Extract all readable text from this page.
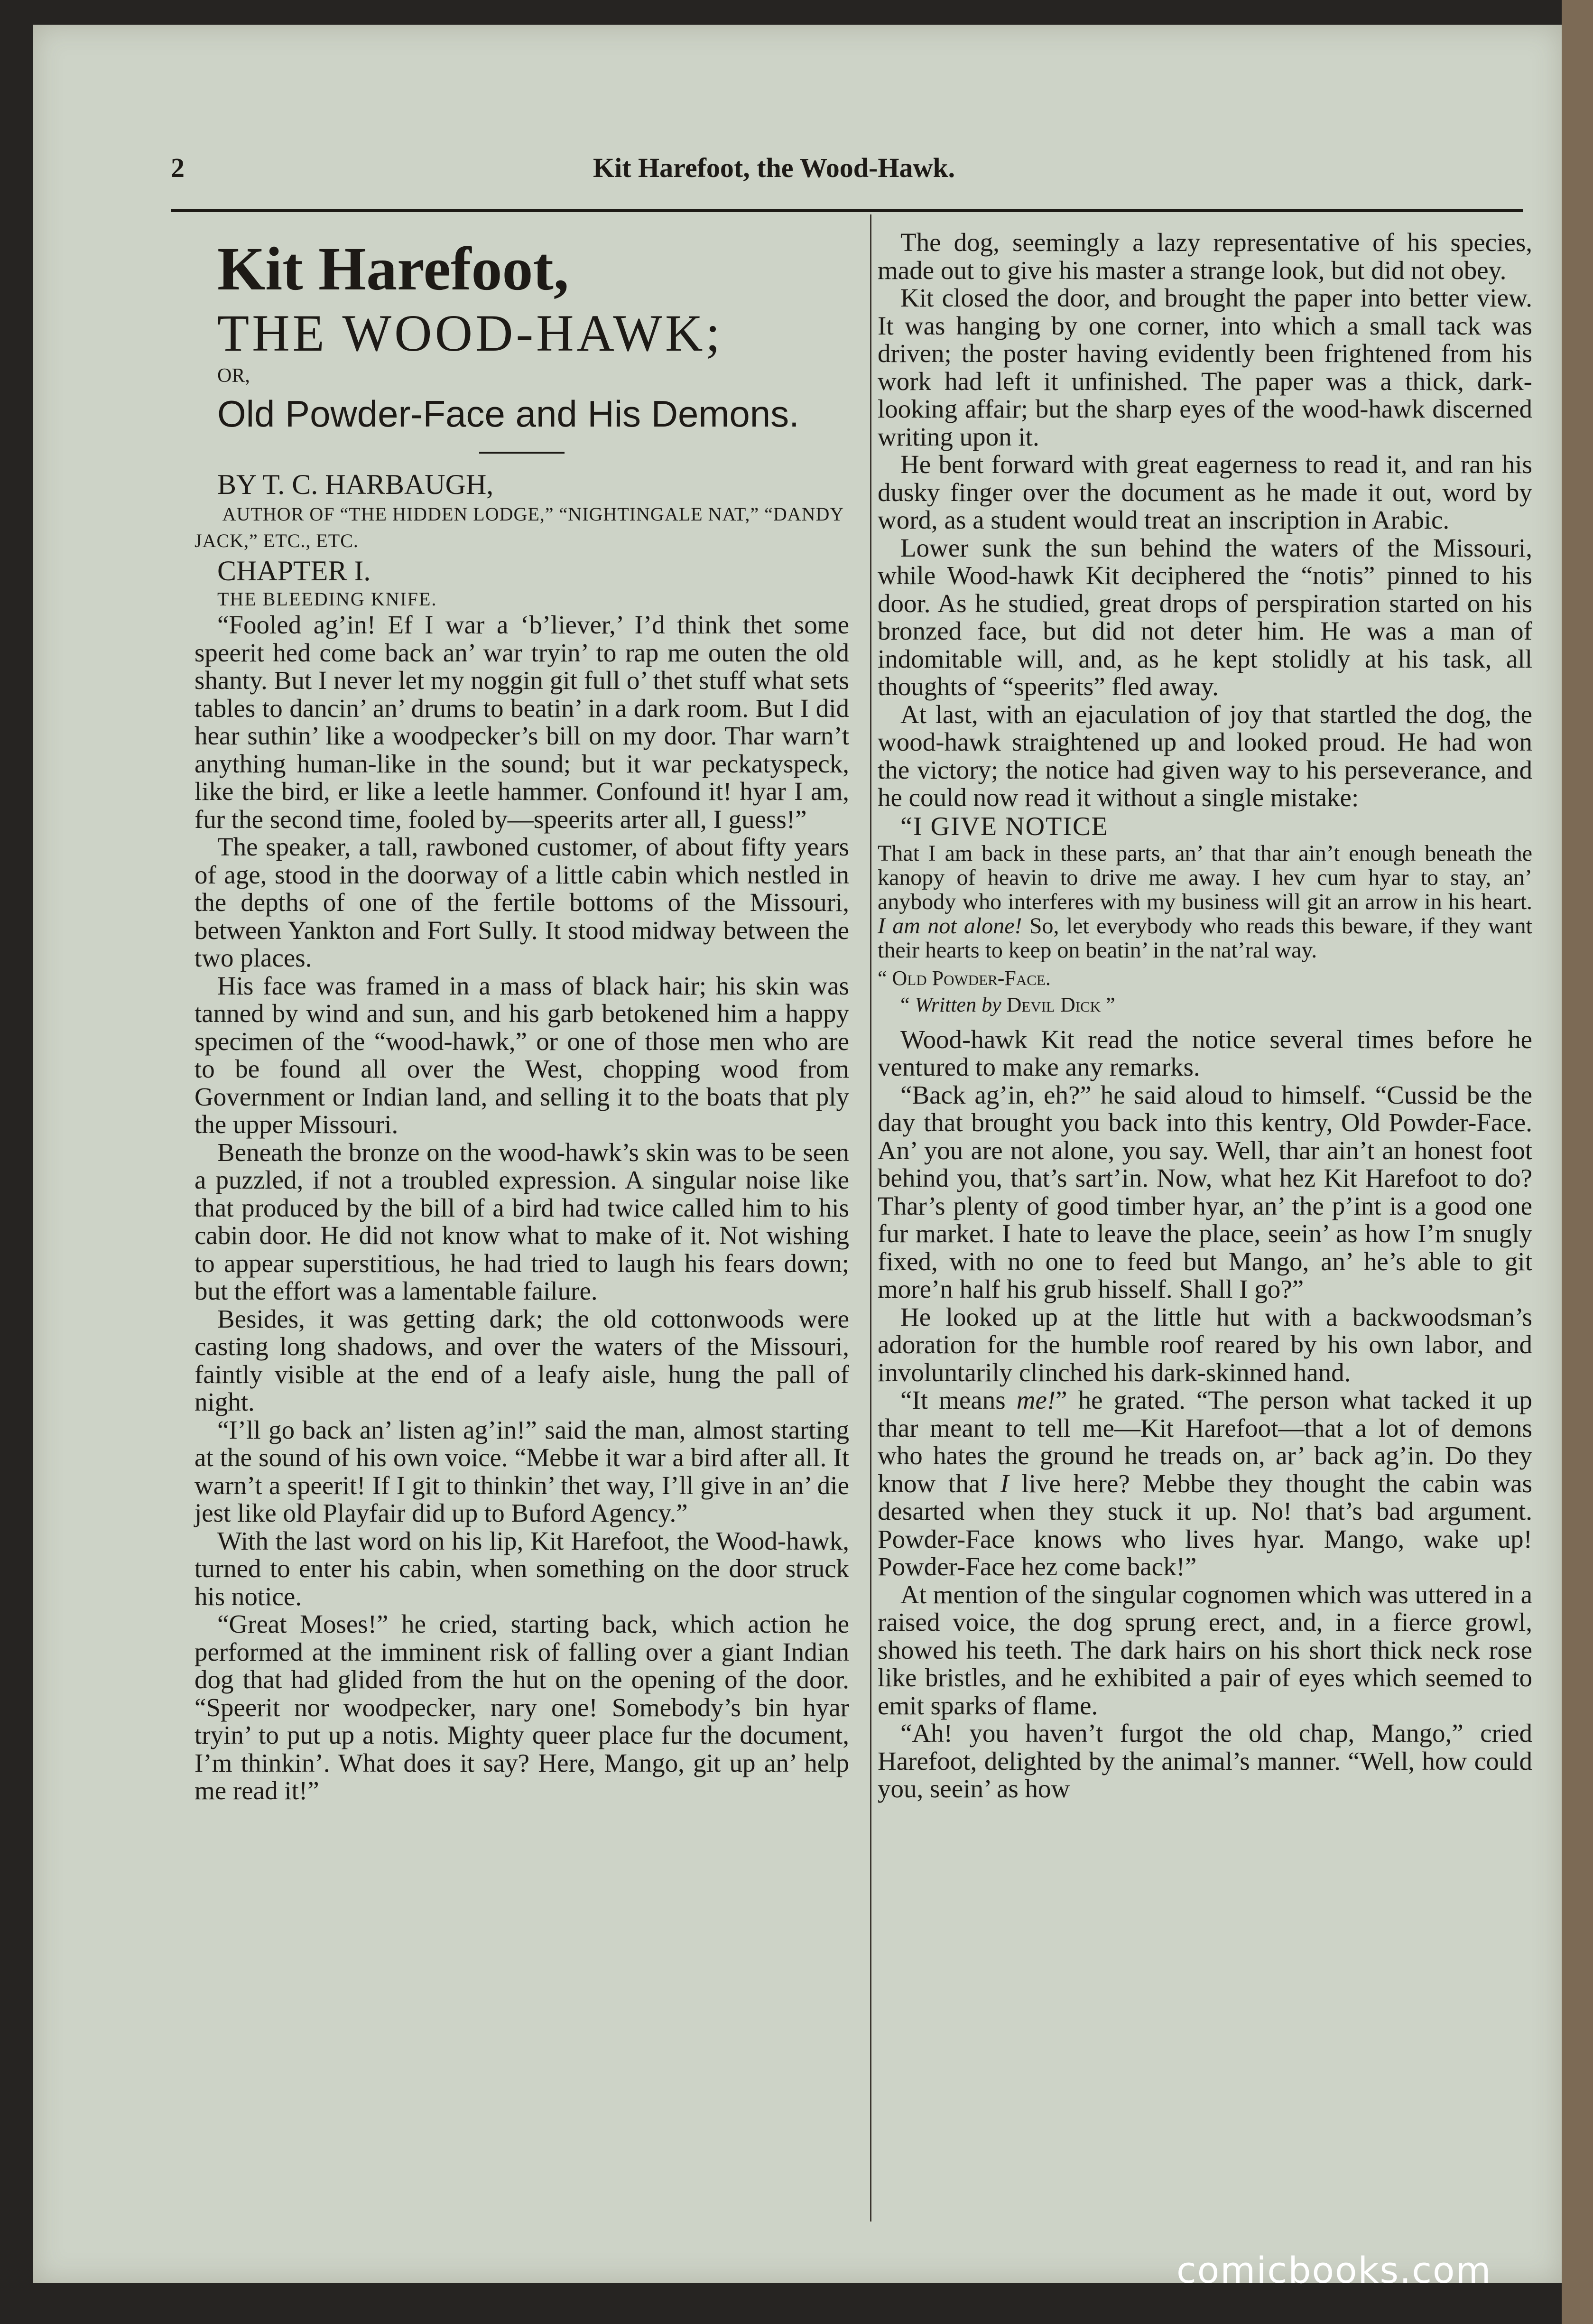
2	Kit Harefoot, the Wood-Hawk.

Kit Harefoot,

THE WOOD-HAWK;

OR,

Old Powder-Face and His Demons.

BY T. C. HARBAUGH,

AUTHOR OF “THE HIDDEN LODGE,” “NIGHTINGALE NAT,” “DANDY JACK,” ETC., ETC.

CHAPTER I.

THE BLEEDING KNIFE.

“Fooled ag’in! Ef I war a ‘b’liever,’ I’d think thet some speerit hed come back an’ war tryin’ to rap me outen the old shanty. But I never let my noggin git full o’ thet stuff what sets tables to dancin’ an’ drums to beatin’ in a dark room. But I did hear suthin’ like a woodpecker’s bill on my door. Thar warn’t anything human-like in the sound; but it war peckatyspeck, like the bird, er like a leetle hammer. Confound it! hyar I am, fur the second time, fooled by—speerits arter all, I guess!”

The speaker, a tall, rawboned customer, of about fifty years of age, stood in the doorway of a little cabin which nestled in the depths of one of the fertile bottoms of the Missouri, between Yankton and Fort Sully. It stood midway between the two places.

His face was framed in a mass of black hair; his skin was tanned by wind and sun, and his garb betokened him a happy specimen of the “wood-hawk,” or one of those men who are to be found all over the West, chopping wood from Government or Indian land, and selling it to the boats that ply the upper Missouri.

Beneath the bronze on the wood-hawk’s skin was to be seen a puzzled, if not a troubled expression. A singular noise like that produced by the bill of a bird had twice called him to his cabin door. He did not know what to make of it. Not wishing to appear superstitious, he had tried to laugh his fears down; but the effort was a lamentable failure.

Besides, it was getting dark; the old cottonwoods were casting long shadows, and over the waters of the Missouri, faintly visible at the end of a leafy aisle, hung the pall of night.

“I’ll go back an’ listen ag’in!” said the man, almost starting at the sound of his own voice. “Mebbe it war a bird after all. It warn’t a speerit! If I git to thinkin’ thet way, I’ll give in an’ die jest like old Playfair did up to Buford Agency.”

With the last word on his lip, Kit Harefoot, the Wood-hawk, turned to enter his cabin, when something on the door struck his notice.

“Great Moses!” he cried, starting back, which action he performed at the imminent risk of falling over a giant Indian dog that had glided from the hut on the opening of the door. “Speerit nor woodpecker, nary one! Somebody’s bin hyar tryin’ to put up a notis. Mighty queer place fur the document, I’m thinkin’. What does it say? Here, Mango, git up an’ help me read it!”

The dog, seemingly a lazy representative of his species, made out to give his master a strange look, but did not obey.

Kit closed the door, and brought the paper into better view. It was hanging by one corner, into which a small tack was driven; the poster having evidently been frightened from his work had left it unfinished. The paper was a thick, dark-looking affair; but the sharp eyes of the wood-hawk discerned writing upon it.

He bent forward with great eagerness to read it, and ran his dusky finger over the document as he made it out, word by word, as a student would treat an inscription in Arabic.

Lower sunk the sun behind the waters of the Missouri, while Wood-hawk Kit deciphered the “notis” pinned to his door. As he studied, great drops of perspiration started on his bronzed face, but did not deter him. He was a man of indomitable will, and, as he kept stolidly at his task, all thoughts of “speerits” fled away.

At last, with an ejaculation of joy that startled the dog, the wood-hawk straightened up and looked proud. He had won the victory; the notice had given way to his perseverance, and he could now read it without a single mistake:

“I GIVE NOTICE

That I am back in these parts, an’ that thar ain’t enough beneath the kanopy of heavin to drive me away. I hev cum hyar to stay, an’ anybody who interferes with my business will git an arrow in his heart. I am not alone! So, let everybody who reads this beware, if they want their hearts to keep on beatin’ in the nat’ral way.

“ Old Powder-Face.

“ Written by Devil Dick ”

Wood-hawk Kit read the notice several times before he ventured to make any remarks.

“Back ag’in, eh?” he said aloud to himself. “Cussid be the day that brought you back into this kentry, Old Powder-Face. An’ you are not alone, you say. Well, thar ain’t an honest foot behind you, that’s sart’in. Now, what hez Kit Harefoot to do? Thar’s plenty of good timber hyar, an’ the p’int is a good one fur market. I hate to leave the place, seein’ as how I’m snugly fixed, with no one to feed but Mango, an’ he’s able to git more’n half his grub hisself. Shall I go?”

He looked up at the little hut with a backwoodsman’s adoration for the humble roof reared by his own labor, and involuntarily clinched his dark-skinned hand.

“It means me!” he grated. “The person what tacked it up thar meant to tell me—Kit Harefoot—that a lot of demons who hates the ground he treads on, ar’ back ag’in. Do they know that I live here? Mebbe they thought the cabin was desarted when they stuck it up. No! that’s bad argument. Powder-Face knows who lives hyar. Mango, wake up! Powder-Face hez come back!”

At mention of the singular cognomen which was uttered in a raised voice, the dog sprung erect, and, in a fierce growl, showed his teeth. The dark hairs on his short thick neck rose like bristles, and he exhibited a pair of eyes which seemed to emit sparks of flame.

“Ah! you haven’t furgot the old chap, Mango,” cried Harefoot, delighted by the animal’s manner. “Well, how could you, seein’ as how

comicbooks.com
